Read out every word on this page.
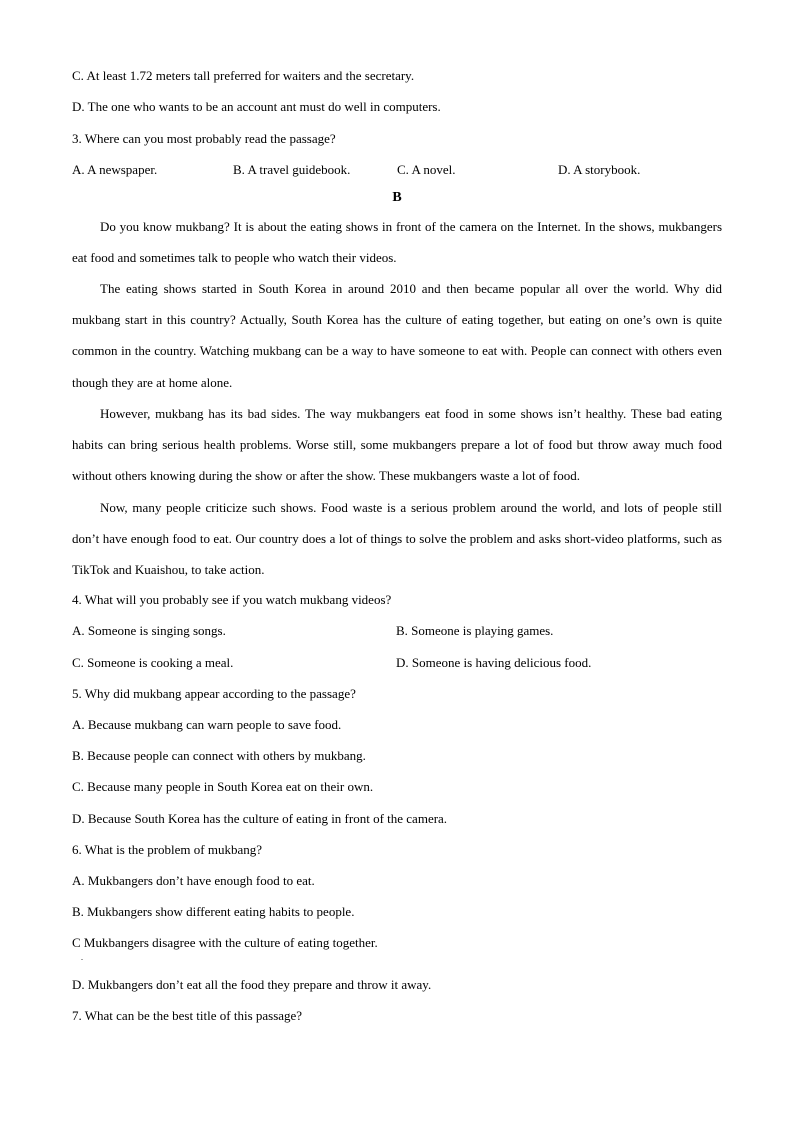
C. At least 1.72 meters tall preferred for waiters and the secretary.
D. The one who wants to be an account ant must do well in computers.
3. Where can you most probably read the passage?
A. A newspaper.	B. A travel guidebook.	C. A novel.	D. A storybook.
B
Do you know mukbang? It is about the eating shows in front of the camera on the Internet. In the shows, mukbangers eat food and sometimes talk to people who watch their videos.
The eating shows started in South Korea in around 2010 and then became popular all over the world. Why did mukbang start in this country? Actually, South Korea has the culture of eating together, but eating on one’s own is quite common in the country. Watching mukbang can be a way to have someone to eat with. People can connect with others even though they are at home alone.
However, mukbang has its bad sides. The way mukbangers eat food in some shows isn’t healthy. These bad eating habits can bring serious health problems. Worse still, some mukbangers prepare a lot of food but throw away much food without others knowing during the show or after the show. These mukbangers waste a lot of food.
Now, many people criticize such shows. Food waste is a serious problem around the world, and lots of people still don’t have enough food to eat. Our country does a lot of things to solve the problem and asks short-video platforms, such as TikTok and Kuaishou, to take action.
4. What will you probably see if you watch mukbang videos?
A. Someone is singing songs.	B. Someone is playing games.
C. Someone is cooking a meal.	D. Someone is having delicious food.
5. Why did mukbang appear according to the passage?
A. Because mukbang can warn people to save food.
B. Because people can connect with others by mukbang.
C. Because many people in South Korea eat on their own.
D. Because South Korea has the culture of eating in front of the camera.
6. What is the problem of mukbang?
A. Mukbangers don’t have enough food to eat.
B. Mukbangers show different eating habits to people.
C Mukbangers disagree with the culture of eating together.
.
D. Mukbangers don’t eat all the food they prepare and throw it away.
7. What can be the best title of this passage?
